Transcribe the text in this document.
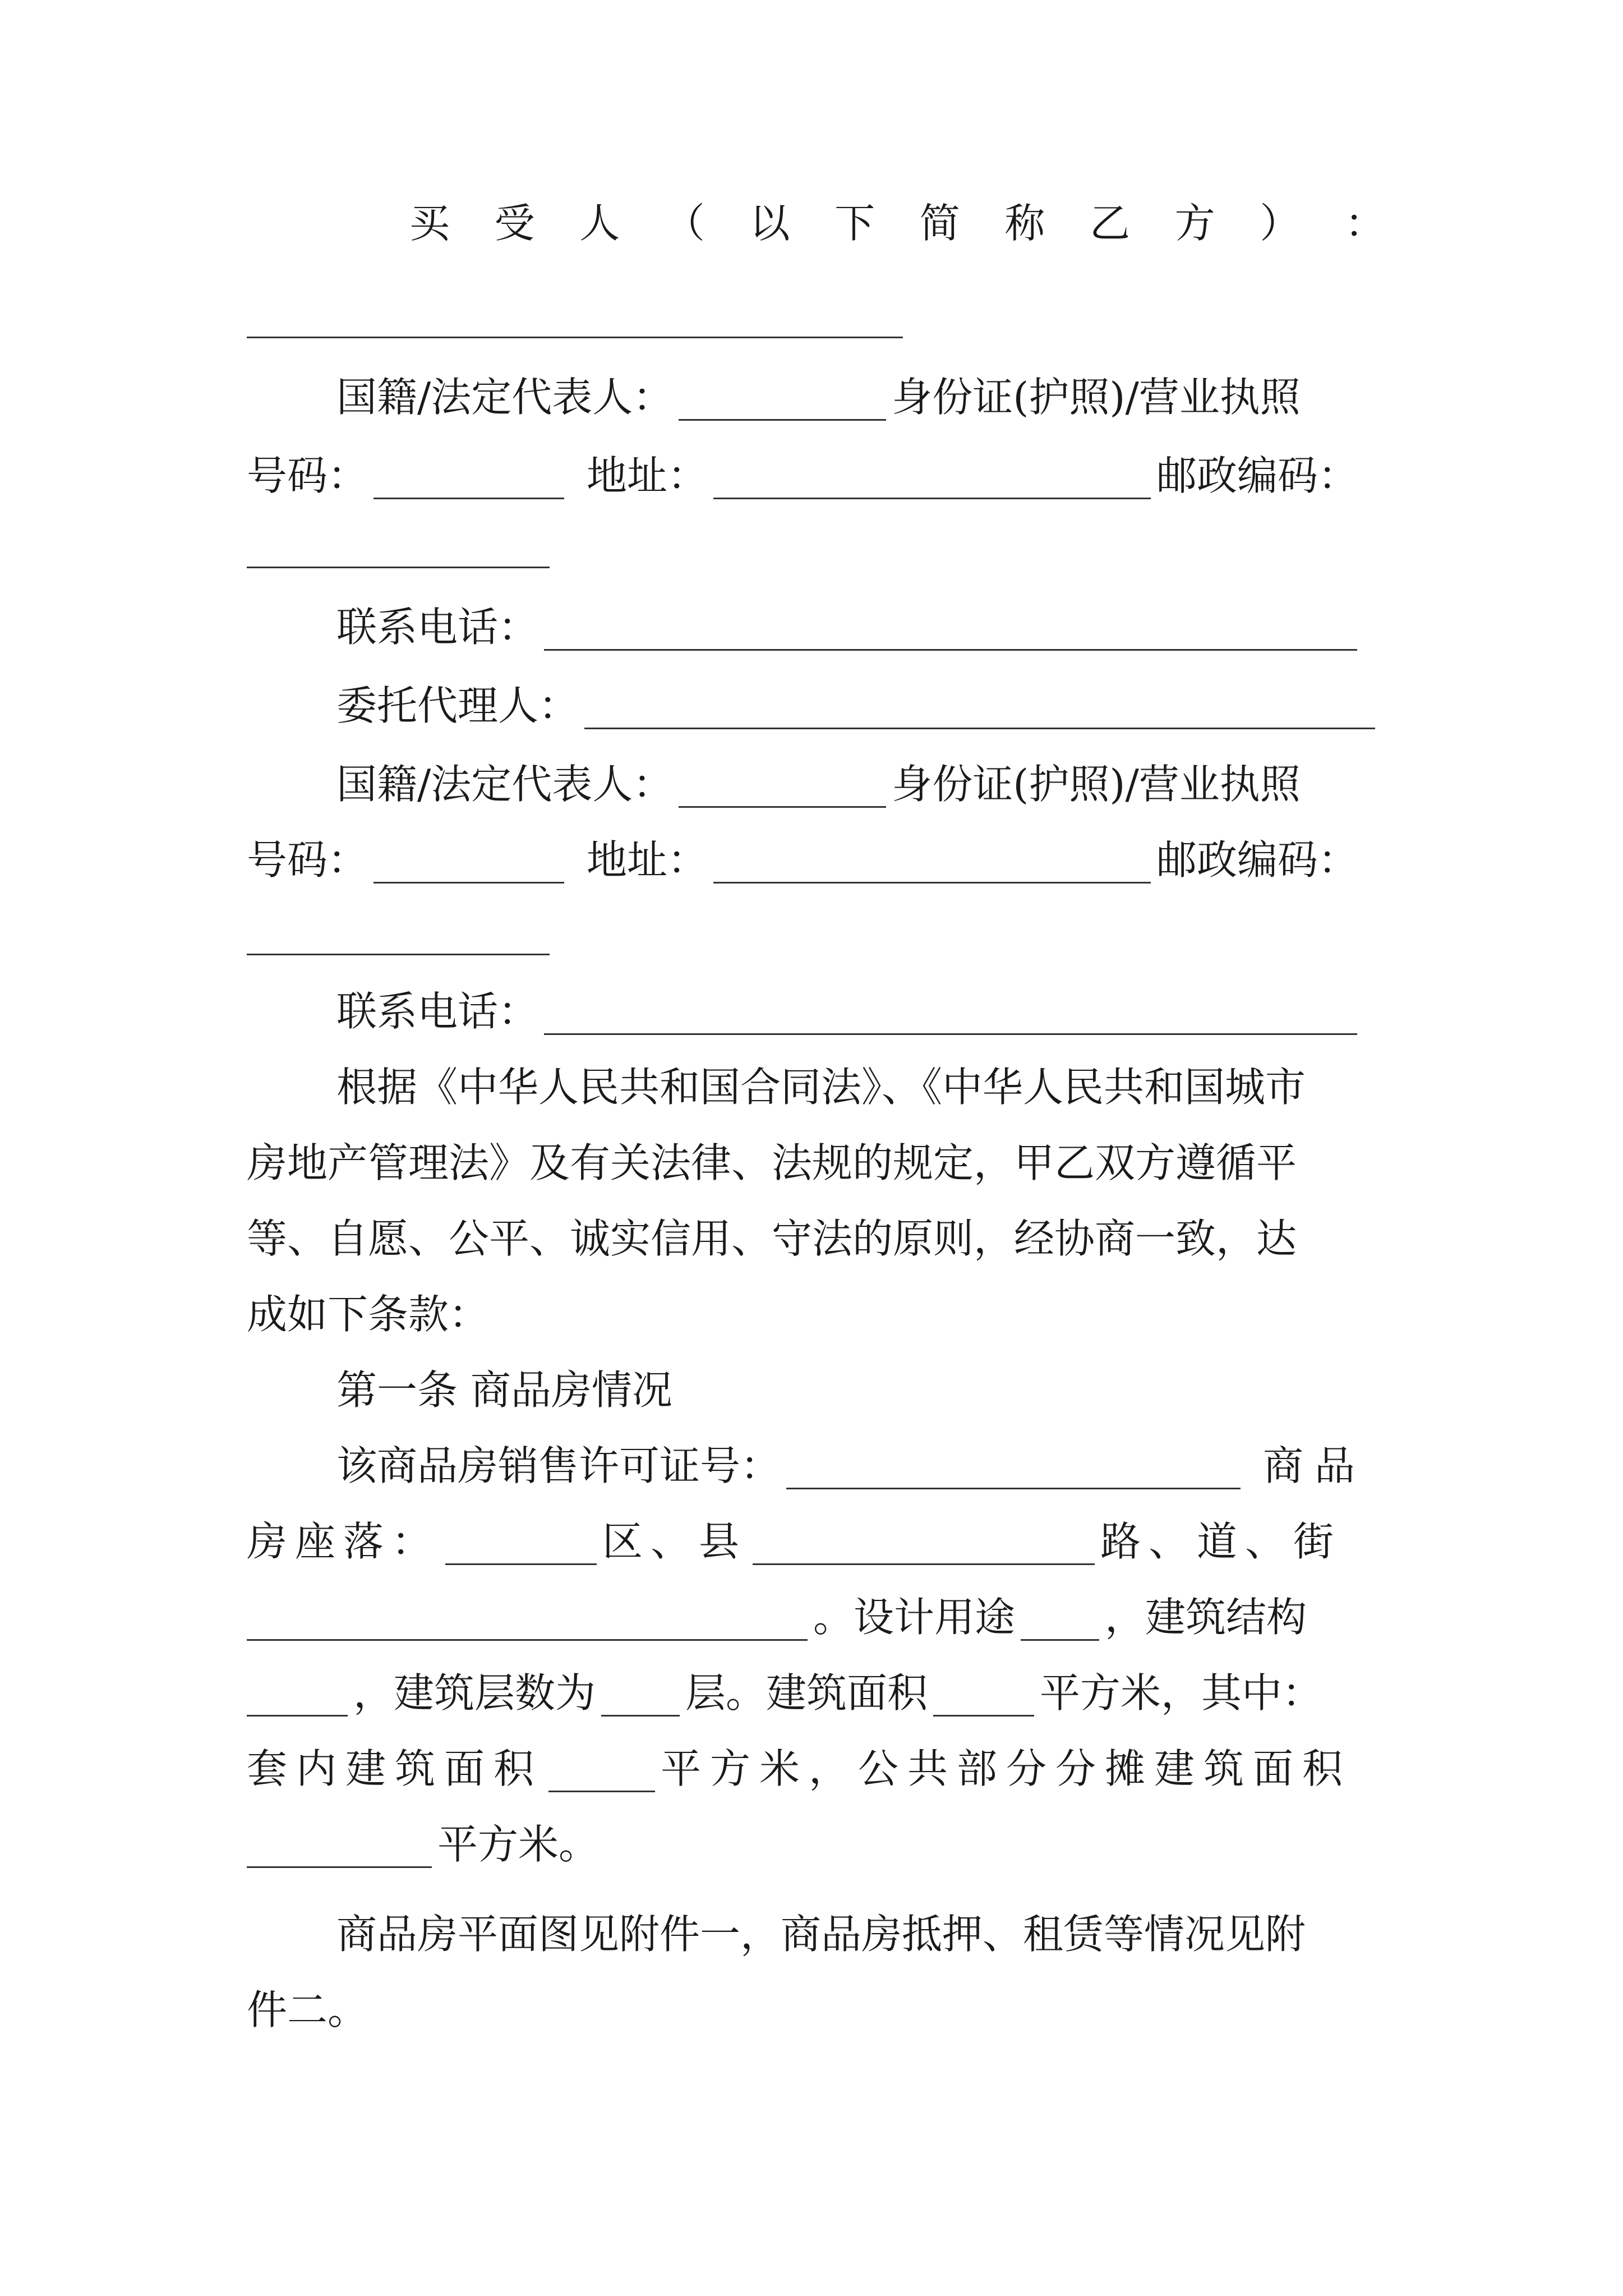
买 受 人 （ 以 下 简 称 乙 方 ） ：
国籍/法定代表人：	身份证(护照)/营业执照
号码：	地址：	邮政编码：
联系电话：
委托代理人：
国籍/法定代表人：	身份证(护照)/营业执照
号码：	地址：	邮政编码：
联系电话：
根据《中华人民共和国合同法》、《中华人民共和国城市
房地产管理法》及有关法律、法规的规定，甲乙双方遵循平
等、自愿、公平、诚实信用、守法的原则，经协商一致，达
成如下条款：
第一条 商品房情况
该商品房销售许可证号：	商品
房座落：	区、县	路、道、街
。设计用途 ，建筑结构
，建筑层数为 层。建筑面积	平方米，其中：
套内建筑面积	平方米，公共部分分摊建筑面积
平方米。
商品房平面图见附件一，商品房抵押、租赁等情况见附
件二。
